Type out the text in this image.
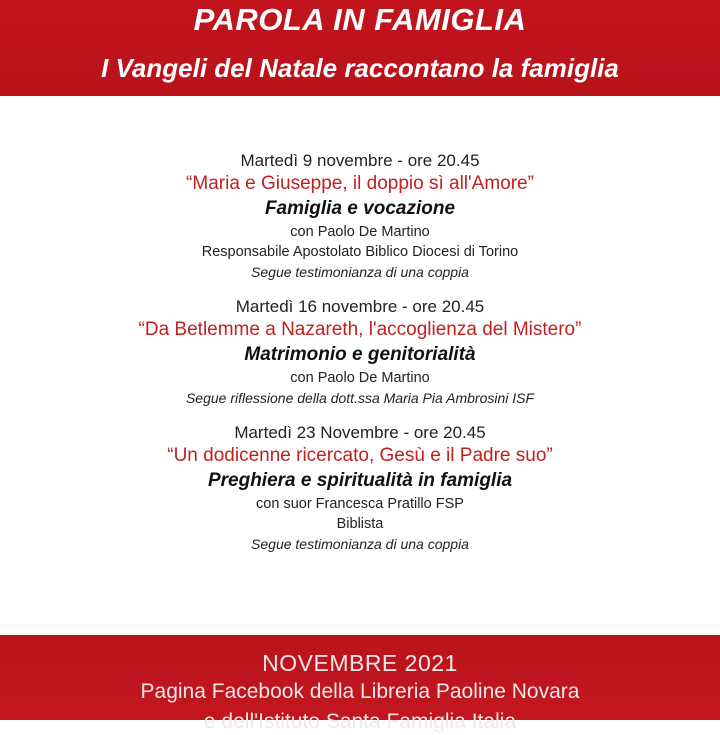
PAROLA IN FAMIGLIA
I Vangeli del Natale raccontano la famiglia
Martedì 9 novembre - ore 20.45
“Maria e Giuseppe, il doppio sì all'Amore”
Famiglia e vocazione
con Paolo De Martino
Responsabile Apostolato Biblico Diocesi di Torino
Segue testimonianza di una coppia
Martedì 16 novembre - ore 20.45
“Da Betlemme a Nazareth, l'accoglienza del Mistero”
Matrimonio e genitorialità
con Paolo De Martino
Segue riflessione della dott.ssa Maria Pia Ambrosini ISF
Martedì 23 Novembre - ore 20.45
“Un dodicenne ricercato, Gesù e il Padre suo”
Preghiera e spiritualità in famiglia
con suor Francesca Pratillo FSP
Biblista
Segue testimonianza di una coppia
NOVEMBRE 2021
Pagina Facebook della Libreria Paoline Novara
e dell'Istituto Santa Famiglia Italia
